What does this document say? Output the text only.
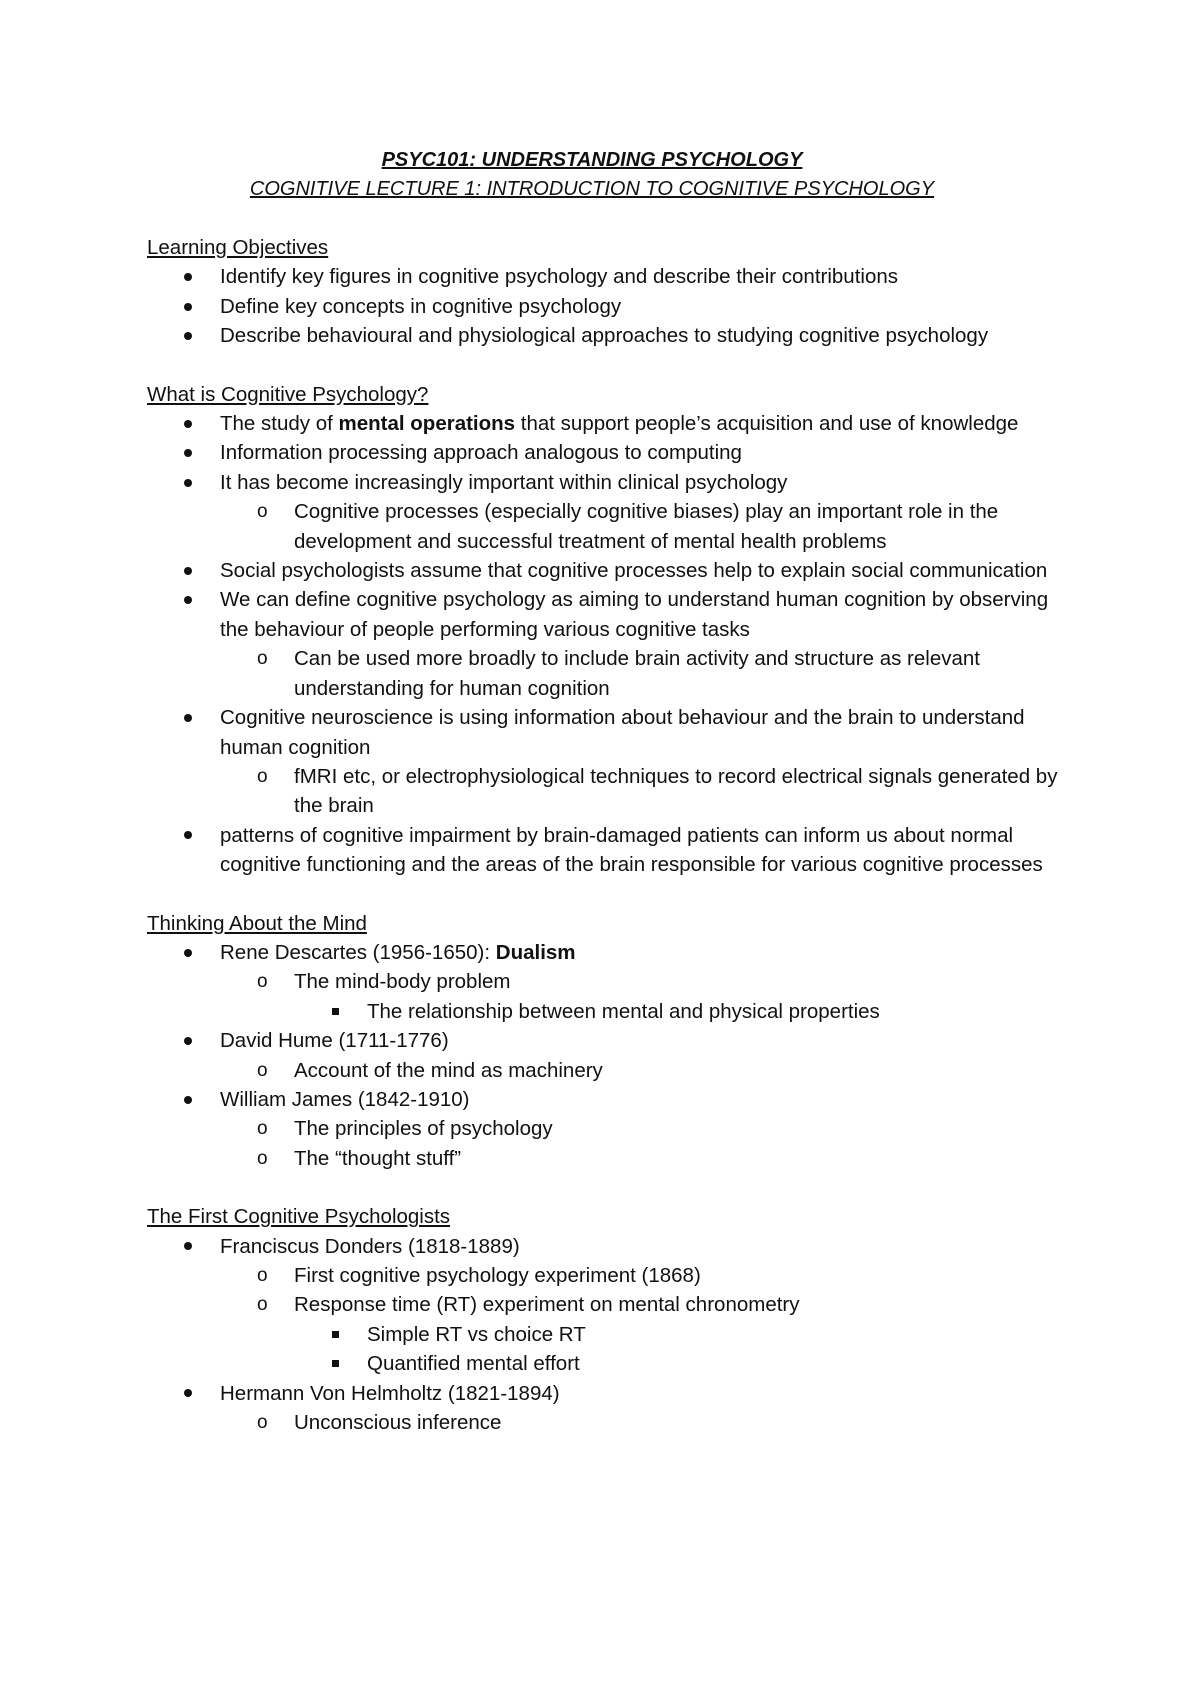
PSYC101: UNDERSTANDING PSYCHOLOGY
COGNITIVE LECTURE 1: INTRODUCTION TO COGNITIVE PSYCHOLOGY
Learning Objectives
Identify key figures in cognitive psychology and describe their contributions
Define key concepts in cognitive psychology
Describe behavioural and physiological approaches to studying cognitive psychology
What is Cognitive Psychology?
The study of mental operations that support people’s acquisition and use of knowledge
Information processing approach analogous to computing
It has become increasingly important within clinical psychology
o Cognitive processes (especially cognitive biases) play an important role in the development and successful treatment of mental health problems
Social psychologists assume that cognitive processes help to explain social communication
We can define cognitive psychology as aiming to understand human cognition by observing the behaviour of people performing various cognitive tasks
o Can be used more broadly to include brain activity and structure as relevant understanding for human cognition
Cognitive neuroscience is using information about behaviour and the brain to understand human cognition
o fMRI etc, or electrophysiological techniques to record electrical signals generated by the brain
patterns of cognitive impairment by brain-damaged patients can inform us about normal cognitive functioning and the areas of the brain responsible for various cognitive processes
Thinking About the Mind
Rene Descartes (1956-1650): Dualism
o The mind-body problem
The relationship between mental and physical properties
David Hume (1711-1776)
o Account of the mind as machinery
William James (1842-1910)
o The principles of psychology
o The “thought stuff”
The First Cognitive Psychologists
Franciscus Donders (1818-1889)
o First cognitive psychology experiment (1868)
o Response time (RT) experiment on mental chronometry
Simple RT vs choice RT
Quantified mental effort
Hermann Von Helmholtz (1821-1894)
o Unconscious inference
